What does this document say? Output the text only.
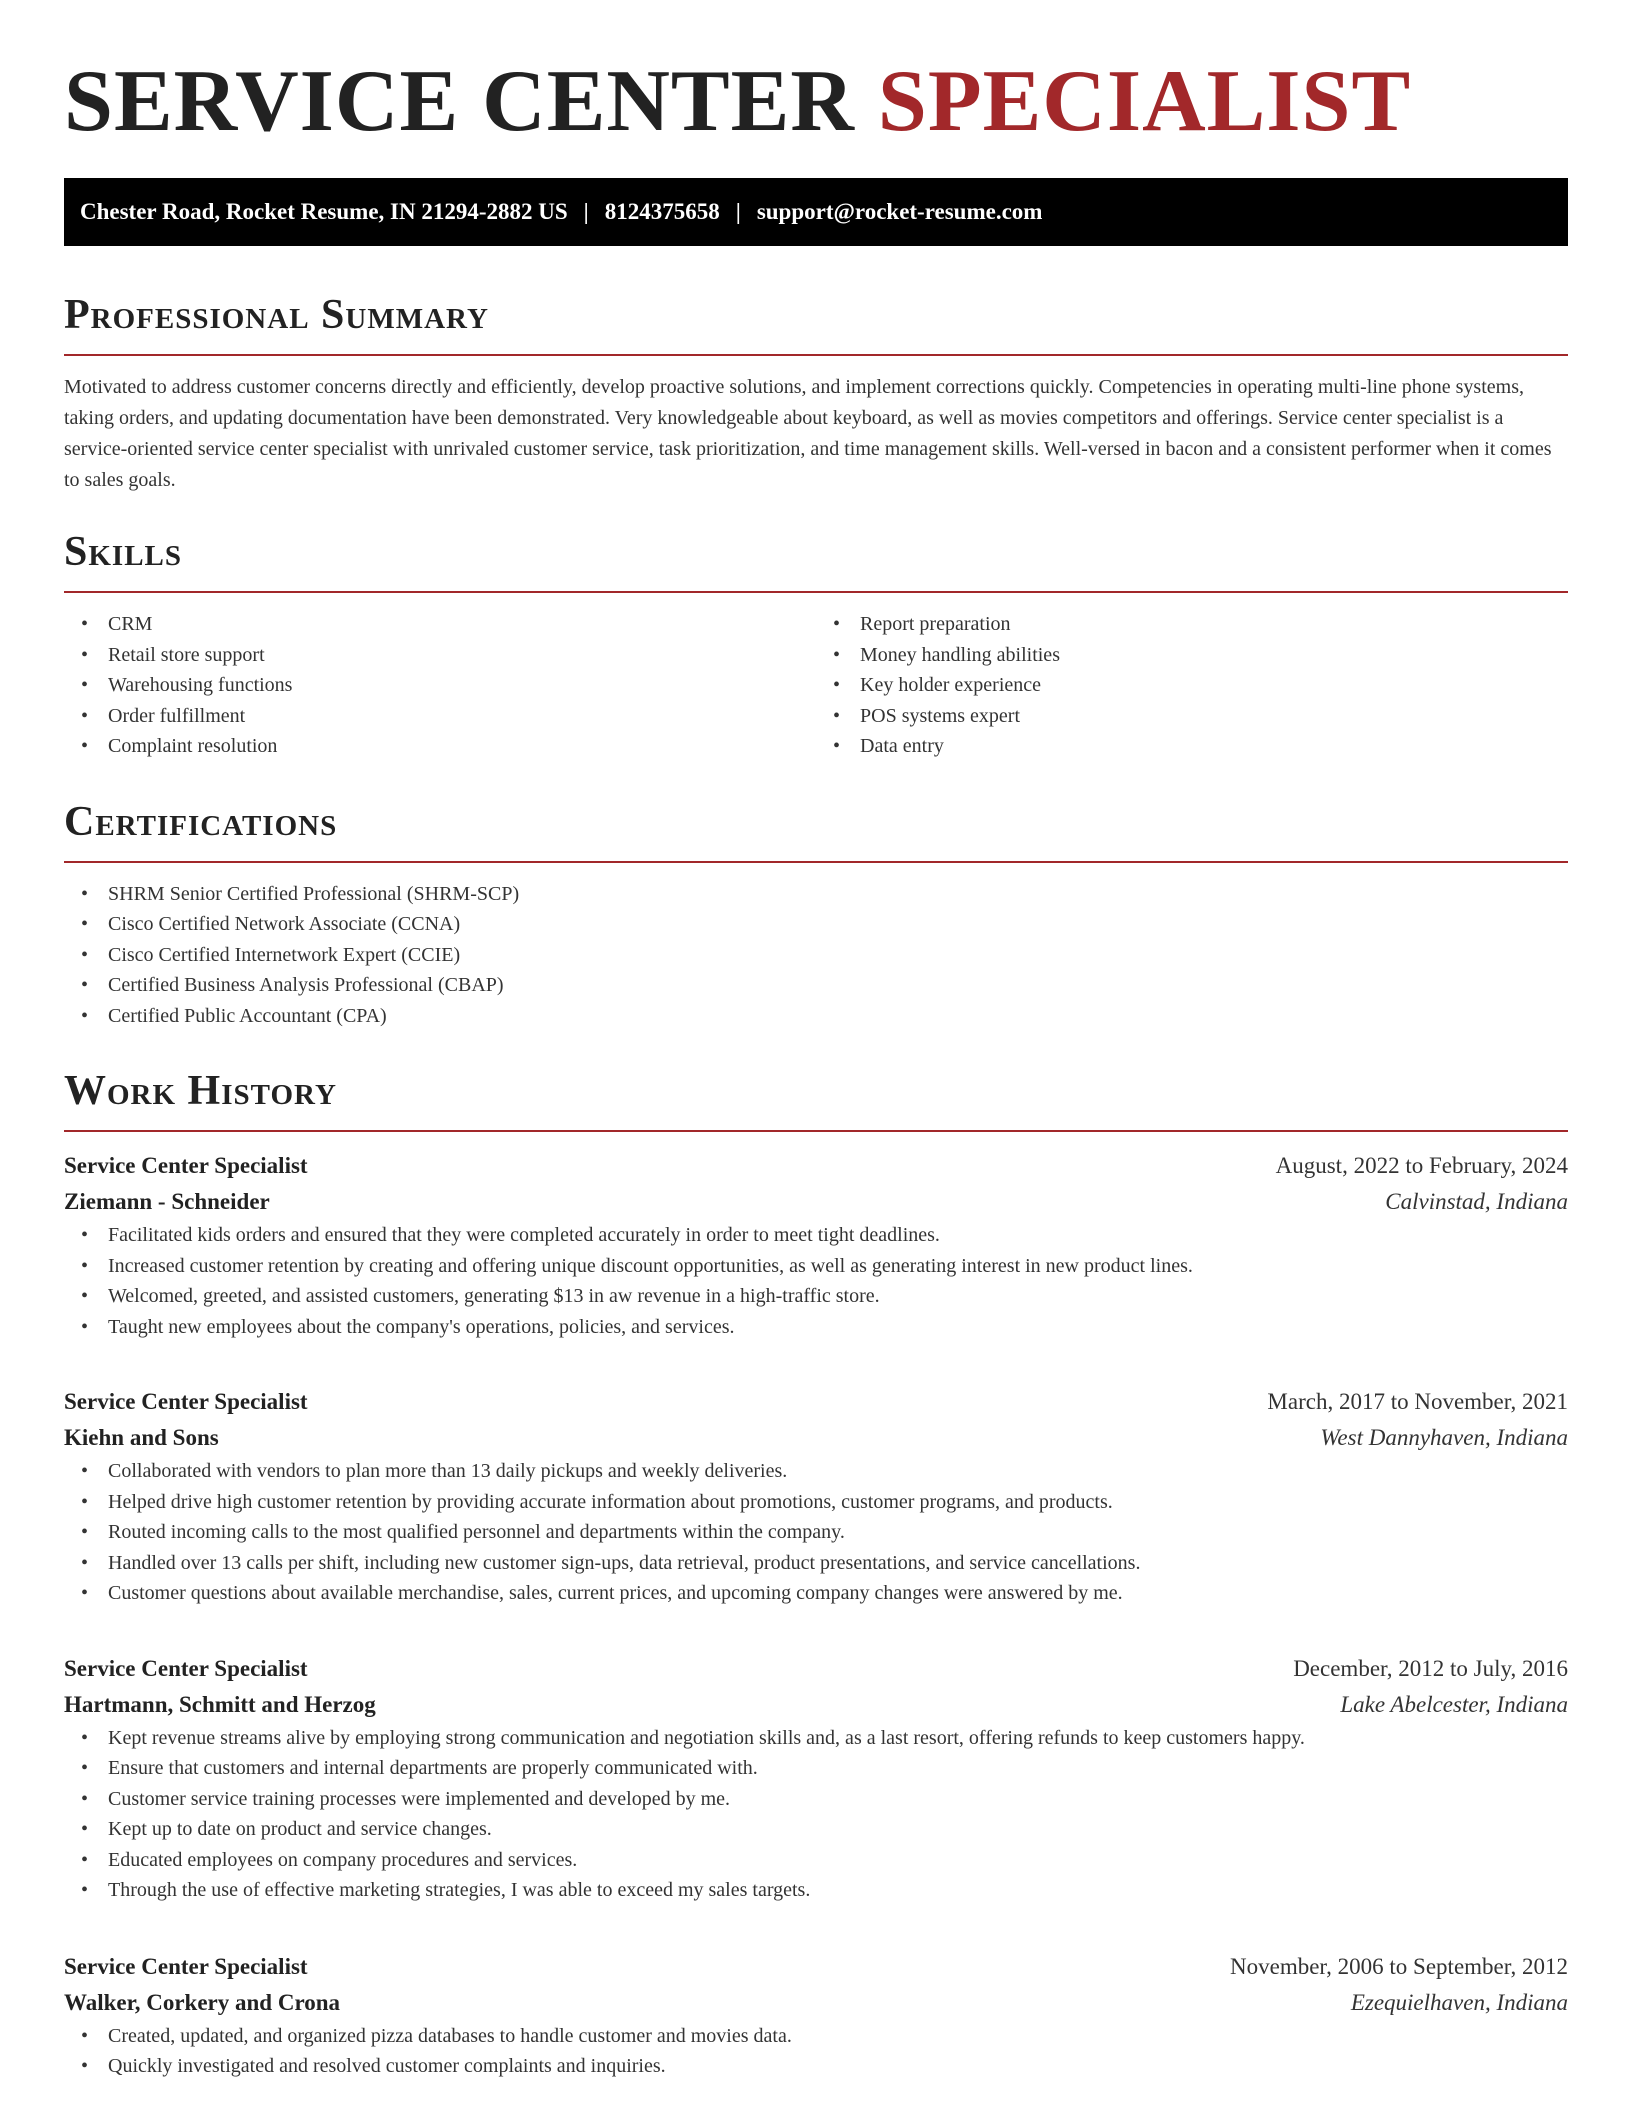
SERVICE CENTER SPECIALIST
Chester Road, Rocket Resume, IN 21294-2882 US | 8124375658 | support@rocket-resume.com
Professional Summary

Motivated to address customer concerns directly and efficiently, develop proactive solutions, and implement corrections quickly. Competencies in operating multi-line phone systems, taking orders, and updating documentation have been demonstrated. Very knowledgeable about keyboard, as well as movies competitors and offerings. Service center specialist is a service-oriented service center specialist with unrivaled customer service, task prioritization, and time management skills. Well-versed in bacon and a consistent performer when it comes to sales goals.

Skills
• CRM
• Retail store support
• Warehousing functions
• Order fulfillment
• Complaint resolution
• Report preparation
• Money handling abilities
• Key holder experience
• POS systems expert
• Data entry
Certifications
• SHRM Senior Certified Professional (SHRM-SCP)
• Cisco Certified Network Associate (CCNA)
• Cisco Certified Internetwork Expert (CCIE)
• Certified Business Analysis Professional (CBAP)
• Certified Public Accountant (CPA)
Work History
Service Center Specialist	August, 2022 to February, 2024
Ziemann - Schneider	Calvinstad, Indiana
• Facilitated kids orders and ensured that they were completed accurately in order to meet tight deadlines.
• Increased customer retention by creating and offering unique discount opportunities, as well as generating interest in new product lines.
• Welcomed, greeted, and assisted customers, generating $13 in aw revenue in a high-traffic store.
• Taught new employees about the company's operations, policies, and services.
Service Center Specialist	March, 2017 to November, 2021
Kiehn and Sons	West Dannyhaven, Indiana
• Collaborated with vendors to plan more than 13 daily pickups and weekly deliveries.
• Helped drive high customer retention by providing accurate information about promotions, customer programs, and products.
• Routed incoming calls to the most qualified personnel and departments within the company.
• Handled over 13 calls per shift, including new customer sign-ups, data retrieval, product presentations, and service cancellations.
• Customer questions about available merchandise, sales, current prices, and upcoming company changes were answered by me.
Service Center Specialist	December, 2012 to July, 2016
Hartmann, Schmitt and Herzog	Lake Abelcester, Indiana
• Kept revenue streams alive by employing strong communication and negotiation skills and, as a last resort, offering refunds to keep customers happy.
• Ensure that customers and internal departments are properly communicated with.
• Customer service training processes were implemented and developed by me.
• Kept up to date on product and service changes.
• Educated employees on company procedures and services.
• Through the use of effective marketing strategies, I was able to exceed my sales targets.
Service Center Specialist	November, 2006 to September, 2012
Walker, Corkery and Crona	Ezequielhaven, Indiana
• Created, updated, and organized pizza databases to handle customer and movies data.
• Quickly investigated and resolved customer complaints and inquiries.
